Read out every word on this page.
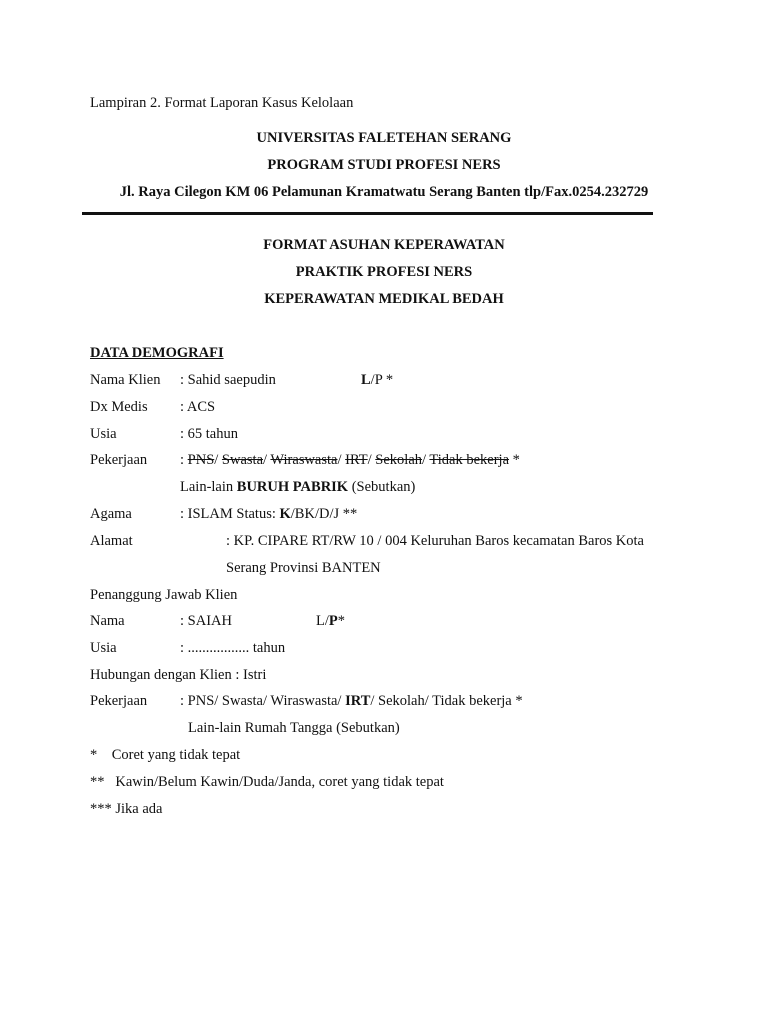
Lampiran 2. Format Laporan Kasus Kelolaan
UNIVERSITAS FALETEHAN SERANG
PROGRAM STUDI PROFESI NERS
Jl. Raya Cilegon KM 06 Pelamunan Kramatwatu Serang Banten tlp/Fax.0254.232729
FORMAT ASUHAN KEPERAWATAN
PRAKTIK PROFESI NERS
KEPERAWATAN MEDIKAL BEDAH
DATA DEMOGRAFI
Nama Klien : Sahid saepudin	L/P *
Dx Medis : ACS
Usia	: 65 tahun
Pekerjaan : PNS/ Swasta/ Wiraswasta/ IRT/ Sekolah/ Tidak bekerja *
Lain-lain BURUH PABRIK (Sebutkan)
Agama	: ISLAM Status: K/BK/D/J **
Alamat	: KP. CIPARE RT/RW 10 / 004 Keluruhan Baros kecamatan Baros Kota
Serang Provinsi BANTEN
Penanggung Jawab Klien
Nama	: SAIAH	L/P*
Usia	: ................. tahun
Hubungan dengan Klien : Istri
Pekerjaan : PNS/ Swasta/ Wiraswasta/ IRT/ Sekolah/ Tidak bekerja *
Lain-lain Rumah Tangga (Sebutkan)
*    Coret yang tidak tepat
**   Kawin/Belum Kawin/Duda/Janda, coret yang tidak tepat
*** Jika ada
